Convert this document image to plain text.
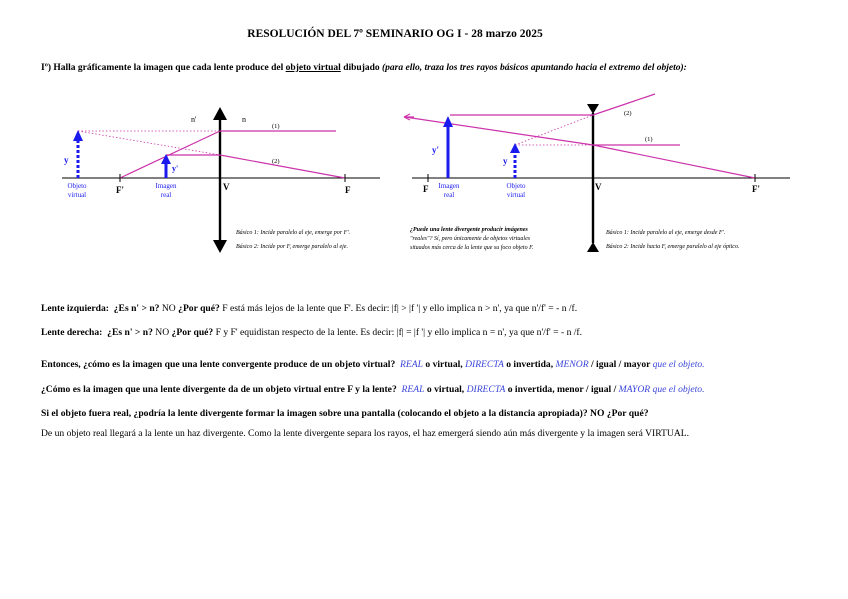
RESOLUCIÓN DEL 7º SEMINARIO OG I - 28 marzo 2025
Iº) Halla gráficamente la imagen que cada lente produce del objeto virtual dibujado (para ello, traza los tres rayos básicos apuntando hacia el extremo del objeto):
n'	n
(1)
(2)
y
y'
Objeto
virtual
Imagen
real
F'	V	F
Básico 1: Incide paralelo al eje, emerge por F'.
Básico 2: Incide por F, emerge paralelo al eje.
(2)
(1)
y'
y
F Imagen
real
Objeto
virtual
V	F'
¿Puede una lente divergente producir imágenes
"reales"? Sí, pero únicamente de objetos virtuales
situados más cerca de la lente que su foco objeto F.
Básico 1: Incide paralelo al eje, emerge desde F'.
Básico 2: Incide hacia F, emerge paralelo al eje óptico.
Lente izquierda: ¿Es n' > n? NO ¿Por qué? F está más lejos de la lente que F'. Es decir: |f| > |f '| y ello implica n > n', ya que n'/f' = - n /f.
Lente derecha: ¿Es n' > n? NO ¿Por qué? F y F' equidistan respecto de la lente. Es decir: |f| = |f '| y ello implica n = n', ya que n'/f' = - n /f.
Entonces, ¿cómo es la imagen que una lente convergente produce de un objeto virtual? REAL o virtual, DIRECTA o invertida, MENOR / igual / mayor que el objeto.
¿Cómo es la imagen que una lente divergente da de un objeto virtual entre F y la lente? REAL o virtual, DIRECTA o invertida, menor / igual / MAYOR que el objeto.
Si el objeto fuera real, ¿podría la lente divergente formar la imagen sobre una pantalla (colocando el objeto a la distancia apropiada)? NO ¿Por qué?
De un objeto real llegará a la lente un haz divergente. Como la lente divergente separa los rayos, el haz emergerá siendo aún más divergente y la imagen será VIRTUAL.
